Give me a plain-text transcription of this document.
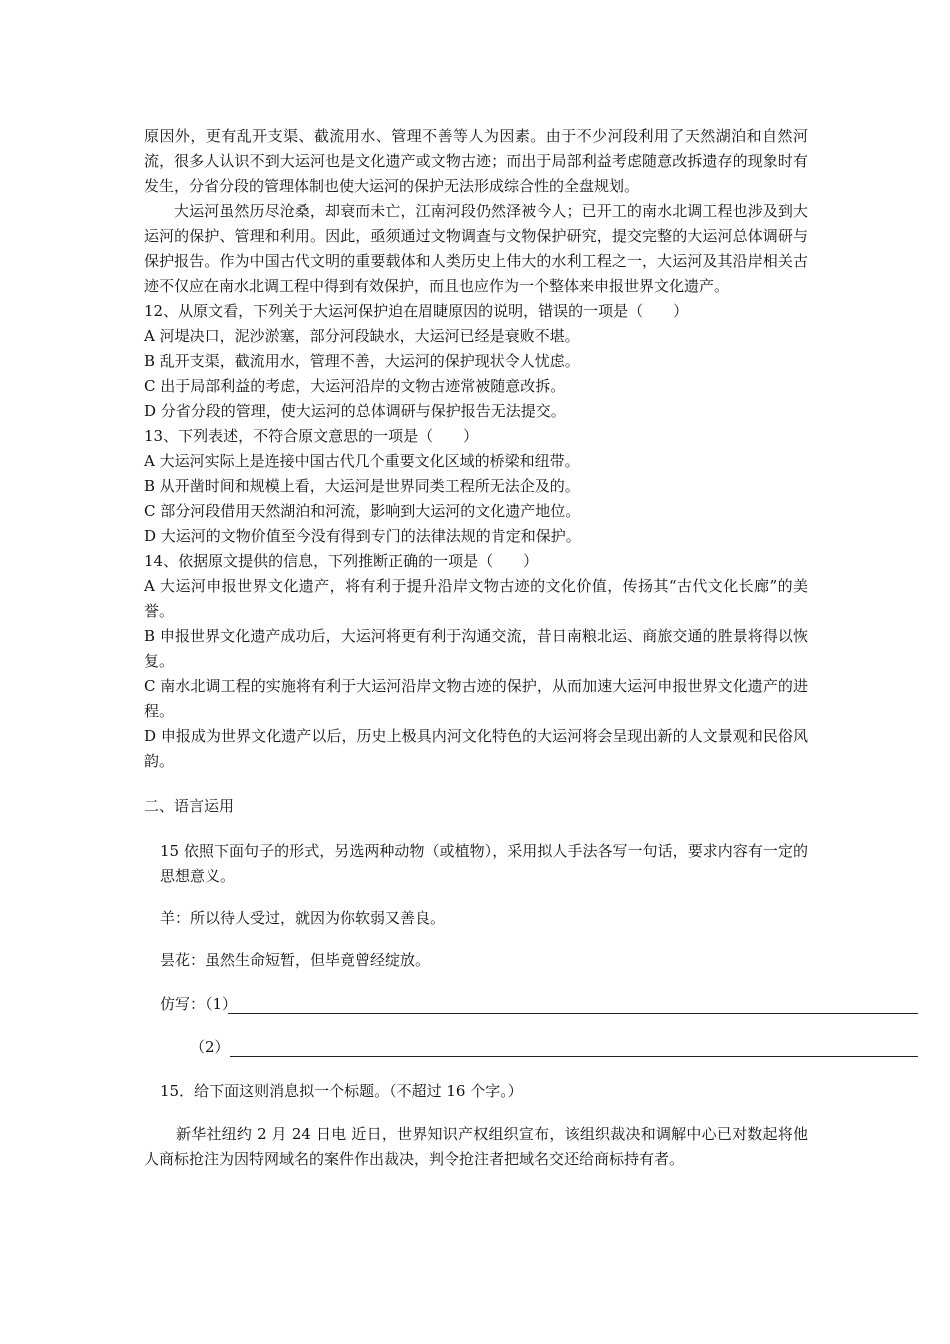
原因外，更有乱开支渠、截流用水、管理不善等人为因素。由于不少河段利用了天然湖泊和自然河流，很多人认识不到大运河也是文化遗产或文物古迹；而出于局部利益考虑随意改拆遗存的现象时有发生，分省分段的管理体制也使大运河的保护无法形成综合性的全盘规划。

大运河虽然历尽沧桑，却衰而未亡，江南河段仍然泽被今人；已开工的南水北调工程也涉及到大运河的保护、管理和利用。因此，亟须通过文物调查与文物保护研究，提交完整的大运河总体调研与保护报告。作为中国古代文明的重要载体和人类历史上伟大的水利工程之一，大运河及其沿岸相关古迹不仅应在南水北调工程中得到有效保护，而且也应作为一个整体来申报世界文化遗产。

12、从原文看，下列关于大运河保护迫在眉睫原因的说明，错误的一项是（　　）

A 河堤决口，泥沙淤塞，部分河段缺水，大运河已经是衰败不堪。

B 乱开支渠，截流用水，管理不善，大运河的保护现状令人忧虑。

C 出于局部利益的考虑，大运河沿岸的文物古迹常被随意改拆。

D 分省分段的管理，使大运河的总体调研与保护报告无法提交。

13、下列表述，不符合原文意思的一项是（　　）

A 大运河实际上是连接中国古代几个重要文化区域的桥梁和纽带。

B 从开凿时间和规模上看，大运河是世界同类工程所无法企及的。

C 部分河段借用天然湖泊和河流，影响到大运河的文化遗产地位。

D 大运河的文物价值至今没有得到专门的法律法规的肯定和保护。

14、依据原文提供的信息，下列推断正确的一项是（　　）

A 大运河申报世界文化遗产，将有利于提升沿岸文物古迹的文化价值，传扬其“古代文化长廊”的美誉。

B 申报世界文化遗产成功后，大运河将更有利于沟通交流，昔日南粮北运、商旅交通的胜景将得以恢复。

C 南水北调工程的实施将有利于大运河沿岸文物古迹的保护，从而加速大运河申报世界文化遗产的进程。

D 申报成为世界文化遗产以后，历史上极具内河文化特色的大运河将会呈现出新的人文景观和民俗风韵。

二、语言运用

15 依照下面句子的形式，另选两种动物（或植物），采用拟人手法各写一句话，要求内容有一定的思想意义。

羊：所以待人受过，就因为你软弱又善良。

昙花：虽然生命短暂，但毕竟曾经绽放。

仿写：（1）
（2）

15．给下面这则消息拟一个标题。（不超过 16 个字。）

新华社纽约 2 月 24 日电 近日，世界知识产权组织宣布，该组织裁决和调解中心已对数起将他人商标抢注为因特网域名的案件作出裁决，判令抢注者把域名交还给商标持有者。
